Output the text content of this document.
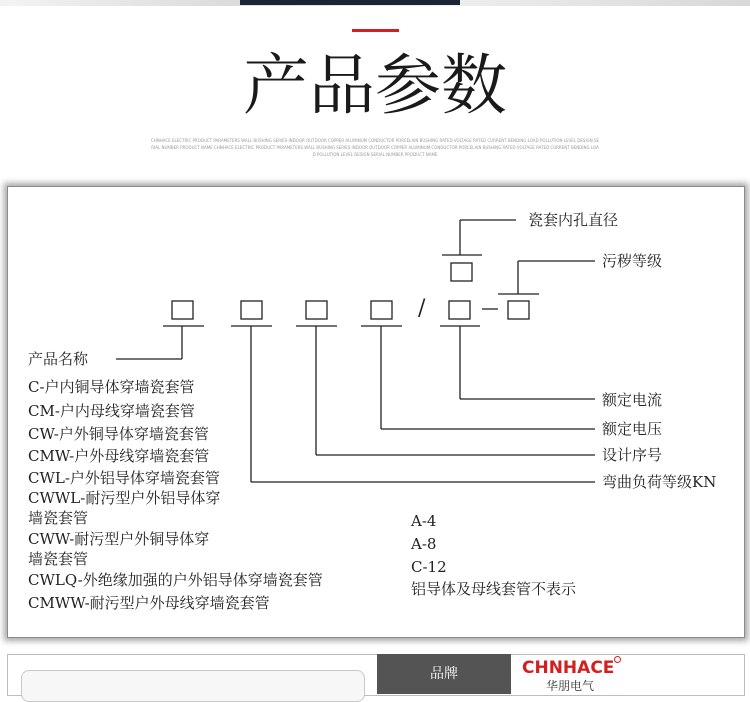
产品参数
CHNHACE ELECTRIC PRODUCT PARAMETERS WALL BUSHING SERIES INDOOR OUTDOOR COPPER ALUMINUM CONDUCTOR PORCELAIN BUSHING RATED VOLTAGE RATED CURRENT BENDING LOAD POLLUTION LEVEL DESIGN SERIAL NUMBER PRODUCT NAME CHNHACE ELECTRIC PRODUCT PARAMETERS WALL BUSHING SERIES INDOOR OUTDOOR COPPER ALUMINUM CONDUCTOR PORCELAIN BUSHING RATED VOLTAGE RATED CURRENT BENDING LOAD POLLUTION LEVEL DESIGN SERIAL NUMBER PRODUCT NAME
/
瓷套内孔直径
污秽等级
产品名称
额定电流
额定电压
设计序号
弯曲负荷等级KN
C-户内铜导体穿墙瓷套管
CM-户内母线穿墙瓷套管
CW-户外铜导体穿墙瓷套管
CMW-户外母线穿墙瓷套管
CWL-户外铝导体穿墙瓷套管
CWWL-耐污型户外铝导体穿
墙瓷套管
CWW-耐污型户外铜导体穿
墙瓷套管
CWLQ-外绝缘加强的户外铝导体穿墙瓷套管
CMWW-耐污型户外母线穿墙瓷套管
A-4
A-8
C-12
铝导体及母线套管不表示
品牌	CHNHACE
华朋电气
